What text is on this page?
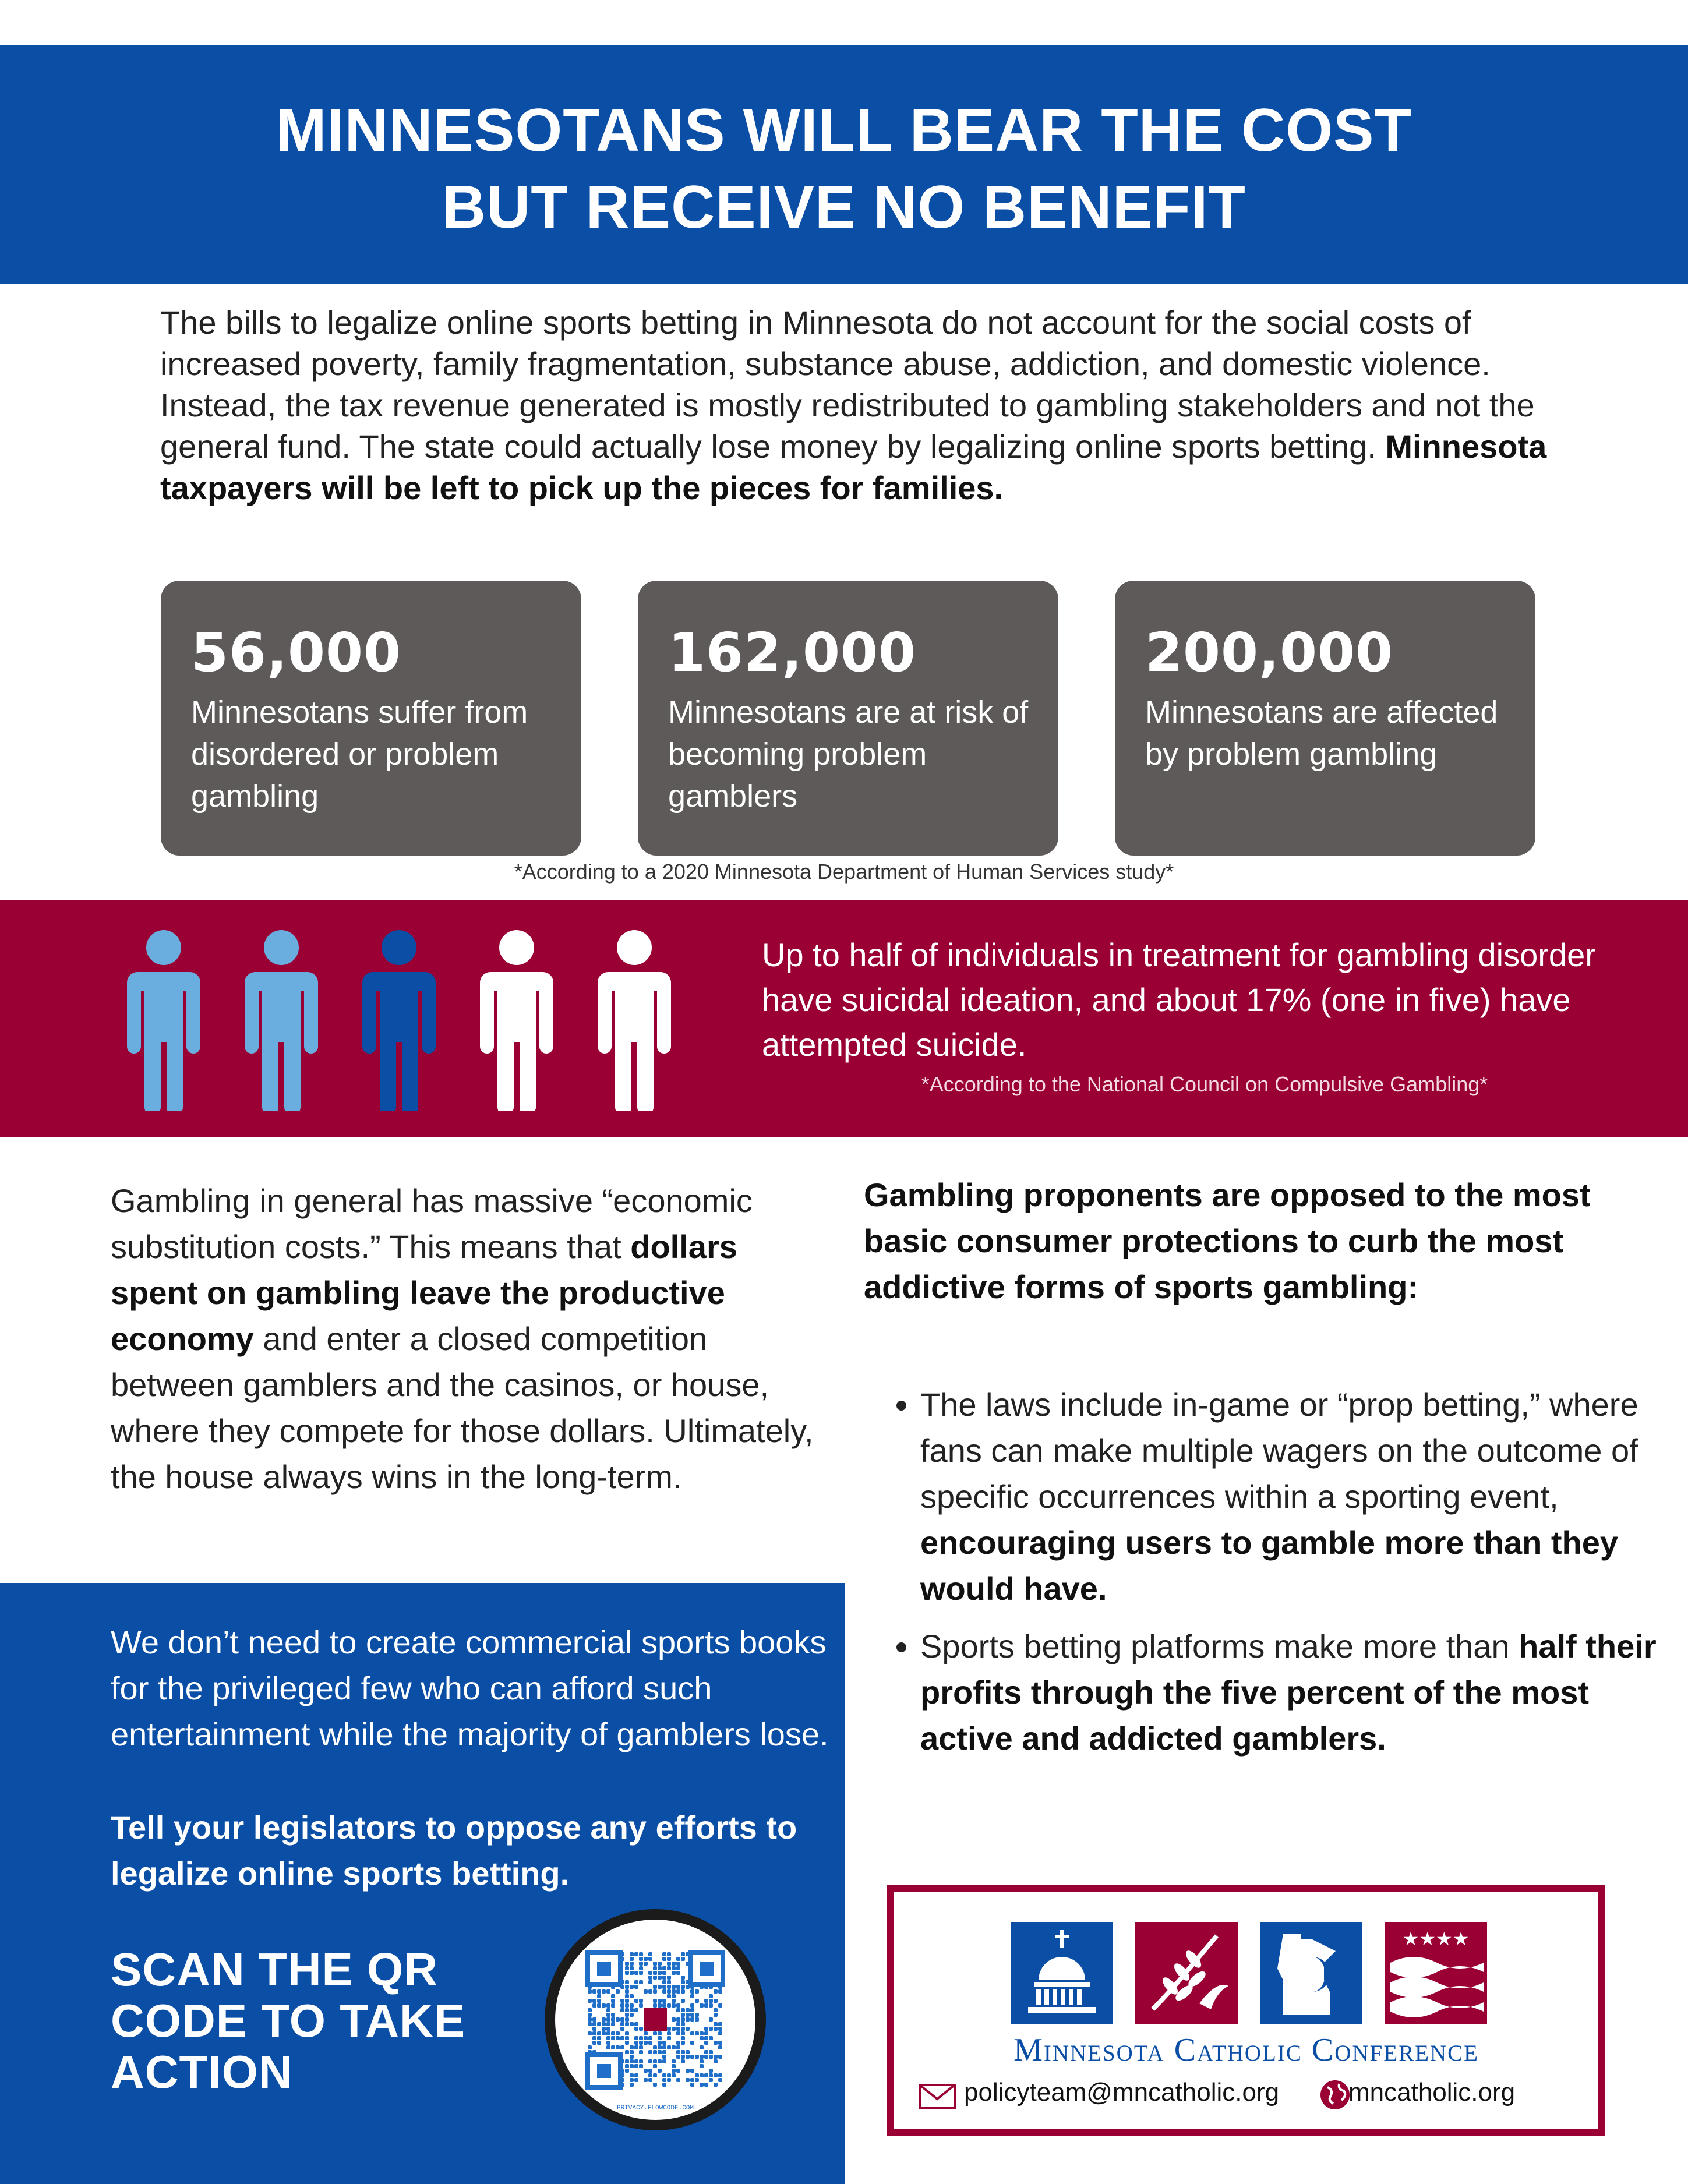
MINNESOTANS WILL BEAR THE COST
BUT RECEIVE NO BENEFIT

The bills to legalize online sports betting in Minnesota do not account for the social costs of increased poverty, family fragmentation, substance abuse, addiction, and domestic violence. Instead, the tax revenue generated is mostly redistributed to gambling stakeholders and not the general fund. The state could actually lose money by legalizing online sports betting. Minnesota taxpayers will be left to pick up the pieces for families.

56,000
Minnesotans suffer from disordered or problem gambling
162,000
Minnesotans are at risk of becoming problem gamblers
200,000
Minnesotans are affected by problem gambling
*According to a 2020 Minnesota Department of Human Services study*

Up to half of individuals in treatment for gambling disorder have suicidal ideation, and about 17% (one in five) have attempted suicide.

*According to the National Council on Compulsive Gambling*

Gambling in general has massive “economic substitution costs.” This means that dollars spent on gambling leave the productive economy and enter a closed competition between gamblers and the casinos, or house, where they compete for those dollars. Ultimately, the house always wins in the long-term.

We don’t need to create commercial sports books for the privileged few who can afford such entertainment while the majority of gamblers lose.

Tell your legislators to oppose any efforts to legalize online sports betting.

SCAN THE QR CODE TO TAKE ACTION

PRIVACY.FLOWCODE.COM

Gambling proponents are opposed to the most basic consumer protections to curb the most addictive forms of sports gambling:

• The laws include in-game or “prop betting,” where fans can make multiple wagers on the outcome of specific occurrences within a sporting event, encouraging users to gamble more than they would have.
• Sports betting platforms make more than half their profits through the five percent of the most active and addicted gamblers.
★★★★
Minnesota Catholic Conference
policyteam@mncatholic.org	mncatholic.org
